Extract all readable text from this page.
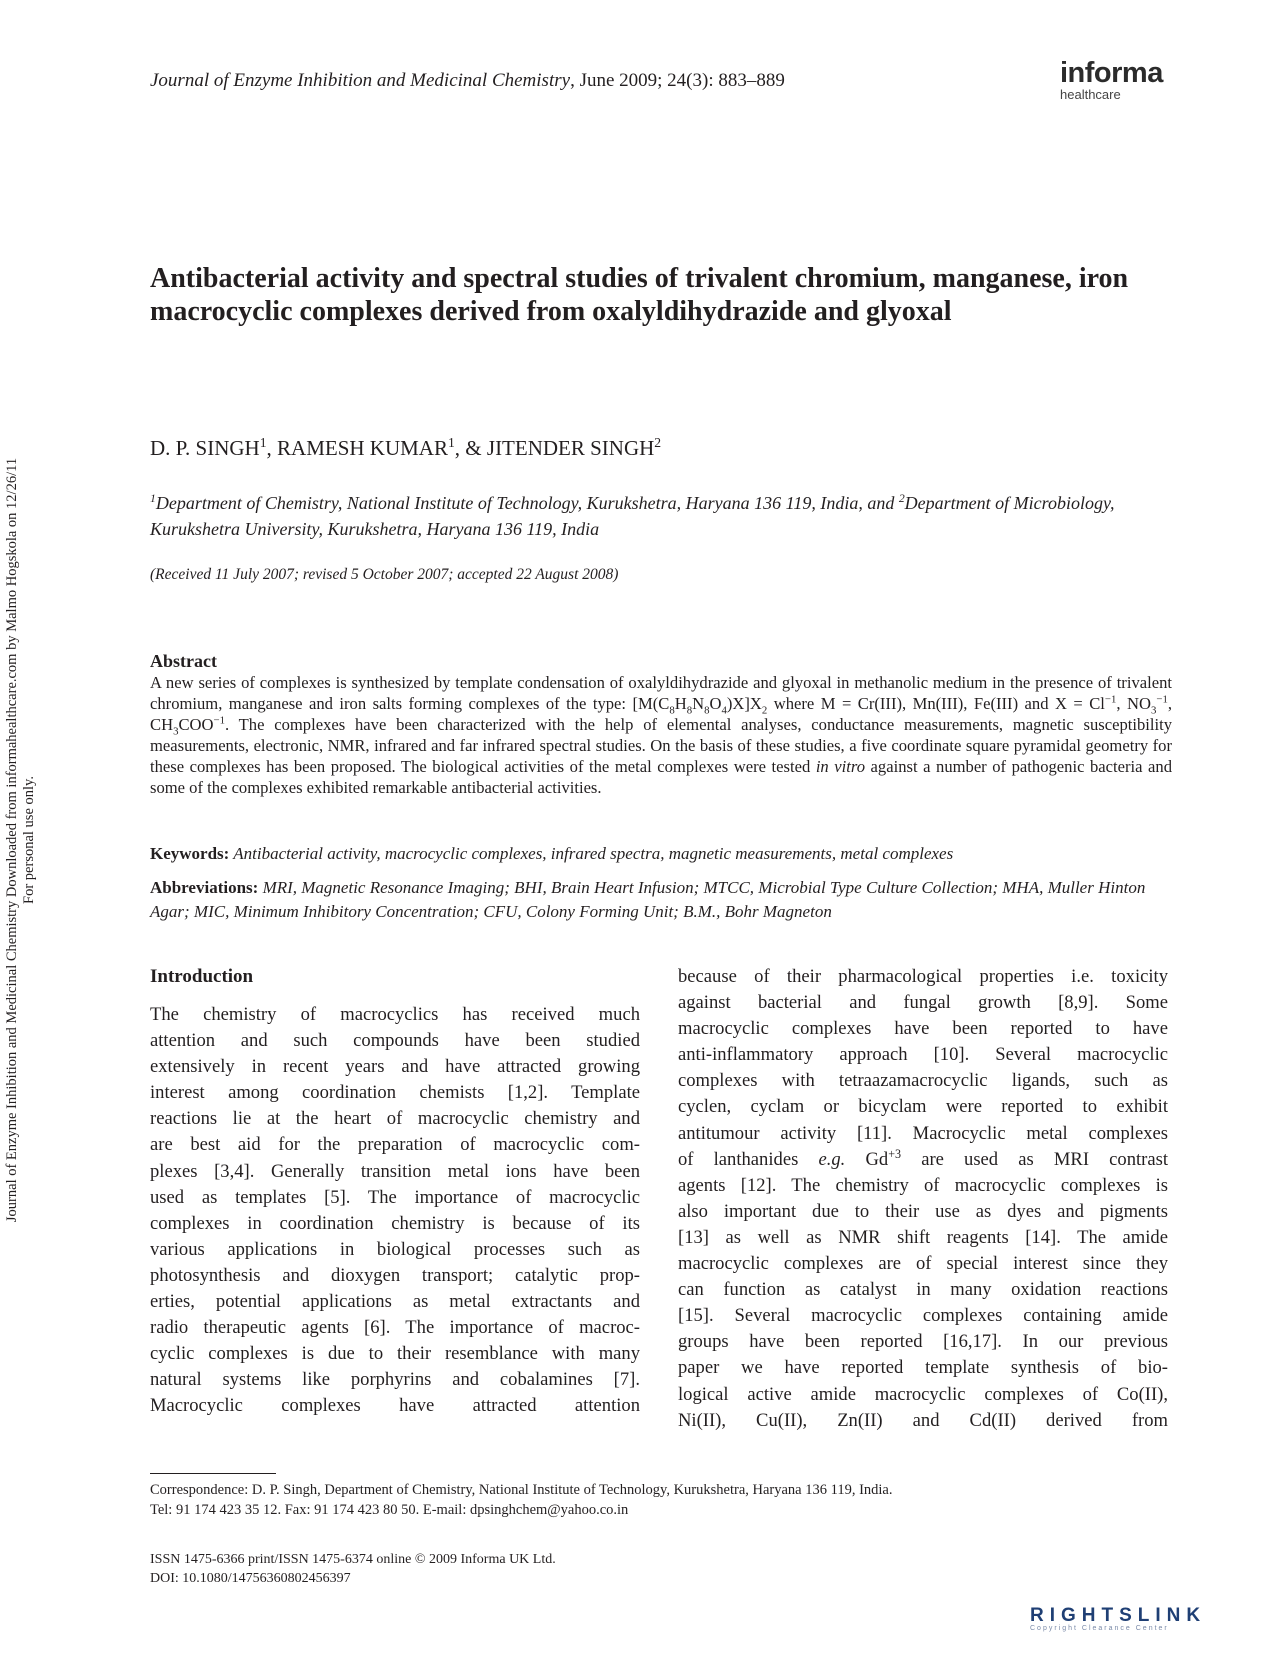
Journal of Enzyme Inhibition and Medicinal Chemistry, June 2009; 24(3): 883–889	informa
healthcare
Journal of Enzyme Inhibition and Medicinal Chemistry Downloaded from informahealthcare.com by Malmo Hogskola on 12/26/11 For personal use only.
Antibacterial activity and spectral studies of trivalent chromium, manganese, iron macrocyclic complexes derived from oxalyldihydrazide and glyoxal
D. P. SINGH$^1$, RAMESH KUMAR$^1$, & JITENDER SINGH$^2$
$^1$Department of Chemistry, National Institute of Technology, Kurukshetra, Haryana 136 119, India, and $^2$Department of Microbiology, Kurukshetra University, Kurukshetra, Haryana 136 119, India
(Received 11 July 2007; revised 5 October 2007; accepted 22 August 2008)
Abstract
A new series of complexes is synthesized by template condensation of oxalyldihydrazide and glyoxal in methanolic medium in the presence of trivalent chromium, manganese and iron salts forming complexes of the type: $[M(C_8H_8N_8O_4)X]X_2$ where M = Cr(III), Mn(III), Fe(III) and $X = Cl^{-1}$, $NO_3^{-1}$, $CH_3COO^{-1}$. The complexes have been characterized with the help of elemental analyses, conductance measurements, magnetic susceptibility measurements, electronic, NMR, infrared and far infrared spectral studies. On the basis of these studies, a five coordinate square pyramidal geometry for these complexes has been proposed. The biological activities of the metal complexes were tested in vitro against a number of pathogenic bacteria and some of the complexes exhibited remarkable antibacterial activities.
Keywords: Antibacterial activity, macrocyclic complexes, infrared spectra, magnetic measurements, metal complexes
Abbreviations: MRI, Magnetic Resonance Imaging; BHI, Brain Heart Infusion; MTCC, Microbial Type Culture Collection; MHA, Muller Hinton Agar; MIC, Minimum Inhibitory Concentration; CFU, Colony Forming Unit; B.M., Bohr Magneton
Introduction
The chemistry of macrocyclics has received much
attention and such compounds have been studied
extensively in recent years and have attracted growing
interest among coordination chemists [1,2]. Template
reactions lie at the heart of macrocyclic chemistry and
are best aid for the preparation of macrocyclic com-
plexes [3,4]. Generally transition metal ions have been
used as templates [5]. The importance of macrocyclic
complexes in coordination chemistry is because of its
various applications in biological processes such as
photosynthesis and dioxygen transport; catalytic prop-
erties, potential applications as metal extractants and
radio therapeutic agents [6]. The importance of macroc-
cyclic complexes is due to their resemblance with many
natural systems like porphyrins and cobalamines [7].
Macrocyclic complexes have attracted attention
because of their pharmacological properties i.e. toxicity
against bacterial and fungal growth [8,9]. Some
macrocyclic complexes have been reported to have
anti-inflammatory approach [10]. Several macrocyclic
complexes with tetraazamacrocyclic ligands, such as
cyclen, cyclam or bicyclam were reported to exhibit
antitumour activity [11]. Macrocyclic metal complexes
of lanthanides e.g. $Gd^{+3}$ are used as MRI contrast
agents [12]. The chemistry of macrocyclic complexes is
also important due to their use as dyes and pigments
[13] as well as NMR shift reagents [14]. The amide
macrocyclic complexes are of special interest since they
can function as catalyst in many oxidation reactions
[15]. Several macrocyclic complexes containing amide
groups have been reported [16,17]. In our previous
paper we have reported template synthesis of bio-
logical active amide macrocyclic complexes of Co(II),
Ni(II), Cu(II), Zn(II) and Cd(II) derived from
Correspondence: D. P. Singh, Department of Chemistry, National Institute of Technology, Kurukshetra, Haryana 136 119, India.
Tel: 91 174 423 35 12. Fax: 91 174 423 80 50. E-mail: dpsinghchem@yahoo.co.in
ISSN 1475-6366 print/ISSN 1475-6374 online © 2009 Informa UK Ltd.
DOI: 10.1080/14756360802456397
RIGHTSLINK
Copyright Clearance Center
